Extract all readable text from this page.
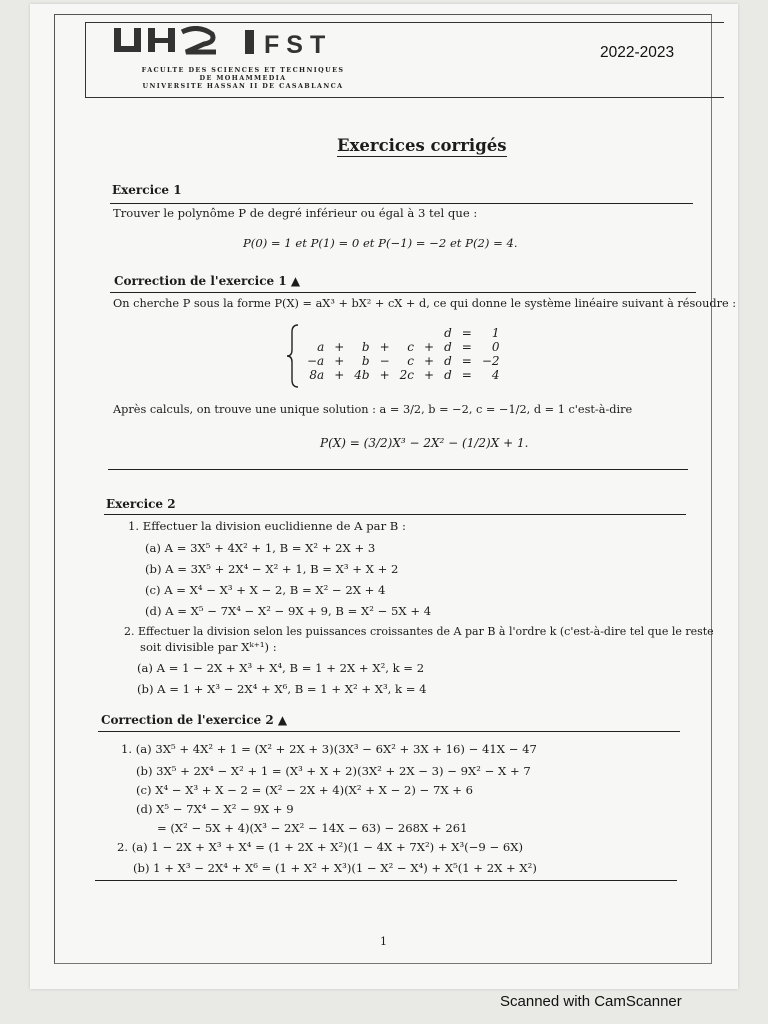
FST
FACULTE DES SCIENCES ET TECHNIQUES
DE MOHAMMEDIA
UNIVERSITE HASSAN II DE CASABLANCA
2022-2023
Exercices corrigés
Exercice 1
Trouver le polynôme P de degré inférieur ou égal à 3 tel que :
P(0) = 1 et P(1) = 0 et P(−1) = −2 et P(2) = 4.
Correction de l'exercice 1 ▲
On cherche P sous la forme P(X) = aX³ + bX² + cX + d, ce qui donne le système linéaire suivant à résoudre :
						d	=	1
a	+	b	+	c	+	d	=	0
−a	+	b	−	c	+	d	=	−2
8a	+	4b	+	2c	+	d	=	4
Après calculs, on trouve une unique solution : a = 3/2, b = −2, c = −1/2, d = 1 c'est-à-dire
P(X) = (3/2)X³ − 2X² − (1/2)X + 1.
Exercice 2
1. Effectuer la division euclidienne de A par B :
(a) A = 3X⁵ + 4X² + 1, B = X² + 2X + 3
(b) A = 3X⁵ + 2X⁴ − X² + 1, B = X³ + X + 2
(c) A = X⁴ − X³ + X − 2, B = X² − 2X + 4
(d) A = X⁵ − 7X⁴ − X² − 9X + 9, B = X² − 5X + 4
2. Effectuer la division selon les puissances croissantes de A par B à l'ordre k (c'est-à-dire tel que le reste
soit divisible par Xᵏ⁺¹) :
(a) A = 1 − 2X + X³ + X⁴, B = 1 + 2X + X², k = 2
(b) A = 1 + X³ − 2X⁴ + X⁶, B = 1 + X² + X³, k = 4
Correction de l'exercice 2 ▲
1. (a) 3X⁵ + 4X² + 1 = (X² + 2X + 3)(3X³ − 6X² + 3X + 16) − 41X − 47
(b) 3X⁵ + 2X⁴ − X² + 1 = (X³ + X + 2)(3X² + 2X − 3) − 9X² − X + 7
(c) X⁴ − X³ + X − 2 = (X² − 2X + 4)(X² + X − 2) − 7X + 6
(d) X⁵ − 7X⁴ − X² − 9X + 9
= (X² − 5X + 4)(X³ − 2X² − 14X − 63) − 268X + 261
2. (a) 1 − 2X + X³ + X⁴ = (1 + 2X + X²)(1 − 4X + 7X²) + X³(−9 − 6X)
(b) 1 + X³ − 2X⁴ + X⁶ = (1 + X² + X³)(1 − X² − X⁴) + X⁵(1 + 2X + X²)
1
Scanned with CamScanner
